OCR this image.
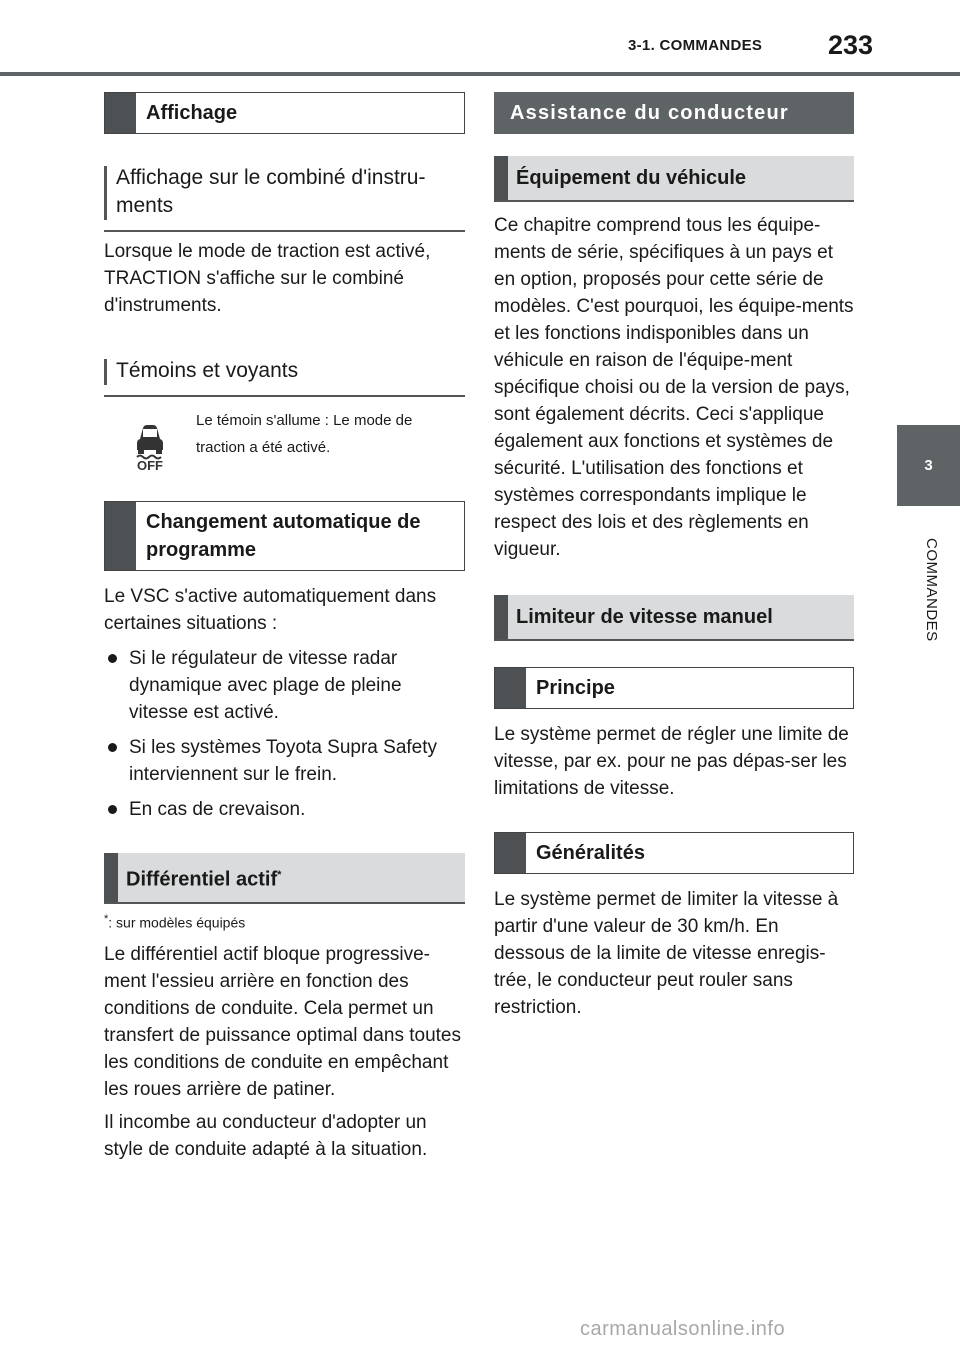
3-1. COMMANDES 233
3
COMMANDES
Affichage
Affichage sur le combiné d'instru-ments

Lorsque le mode de traction est activé, TRACTION s'affiche sur le combiné d'instruments.

Témoins et voyants
OFF
Le témoin s'allume : Le mode de traction a été activé.
Changement automatique de programme

Le VSC s'active automatiquement dans certaines situations :

Si le régulateur de vitesse radar dynamique avec plage de pleine vitesse est activé.
Si les systèmes Toyota Supra Safety interviennent sur le frein.
En cas de crevaison.
Différentiel actif*
*: sur modèles équipés

Le différentiel actif bloque progressive-ment l'essieu arrière en fonction des conditions de conduite. Cela permet un transfert de puissance optimal dans toutes les conditions de conduite en empêchant les roues arrière de patiner.

Il incombe au conducteur d'adopter un style de conduite adapté à la situation.

Assistance du conducteur
Équipement du véhicule

Ce chapitre comprend tous les équipe-ments de série, spécifiques à un pays et en option, proposés pour cette série de modèles. C'est pourquoi, les équipe-ments et les fonctions indisponibles dans un véhicule en raison de l'équipe-ment spécifique choisi ou de la version de pays, sont également décrits. Ceci s'applique également aux fonctions et systèmes de sécurité. L'utilisation des fonctions et systèmes correspondants implique le respect des lois et des règlements en vigueur.

Limiteur de vitesse manuel
Principe

Le système permet de régler une limite de vitesse, par ex. pour ne pas dépas-ser les limitations de vitesse.

Généralités

Le système permet de limiter la vitesse à partir d'une valeur de 30 km/h. En dessous de la limite de vitesse enregis-trée, le conducteur peut rouler sans restriction.

carmanualsonline.info
